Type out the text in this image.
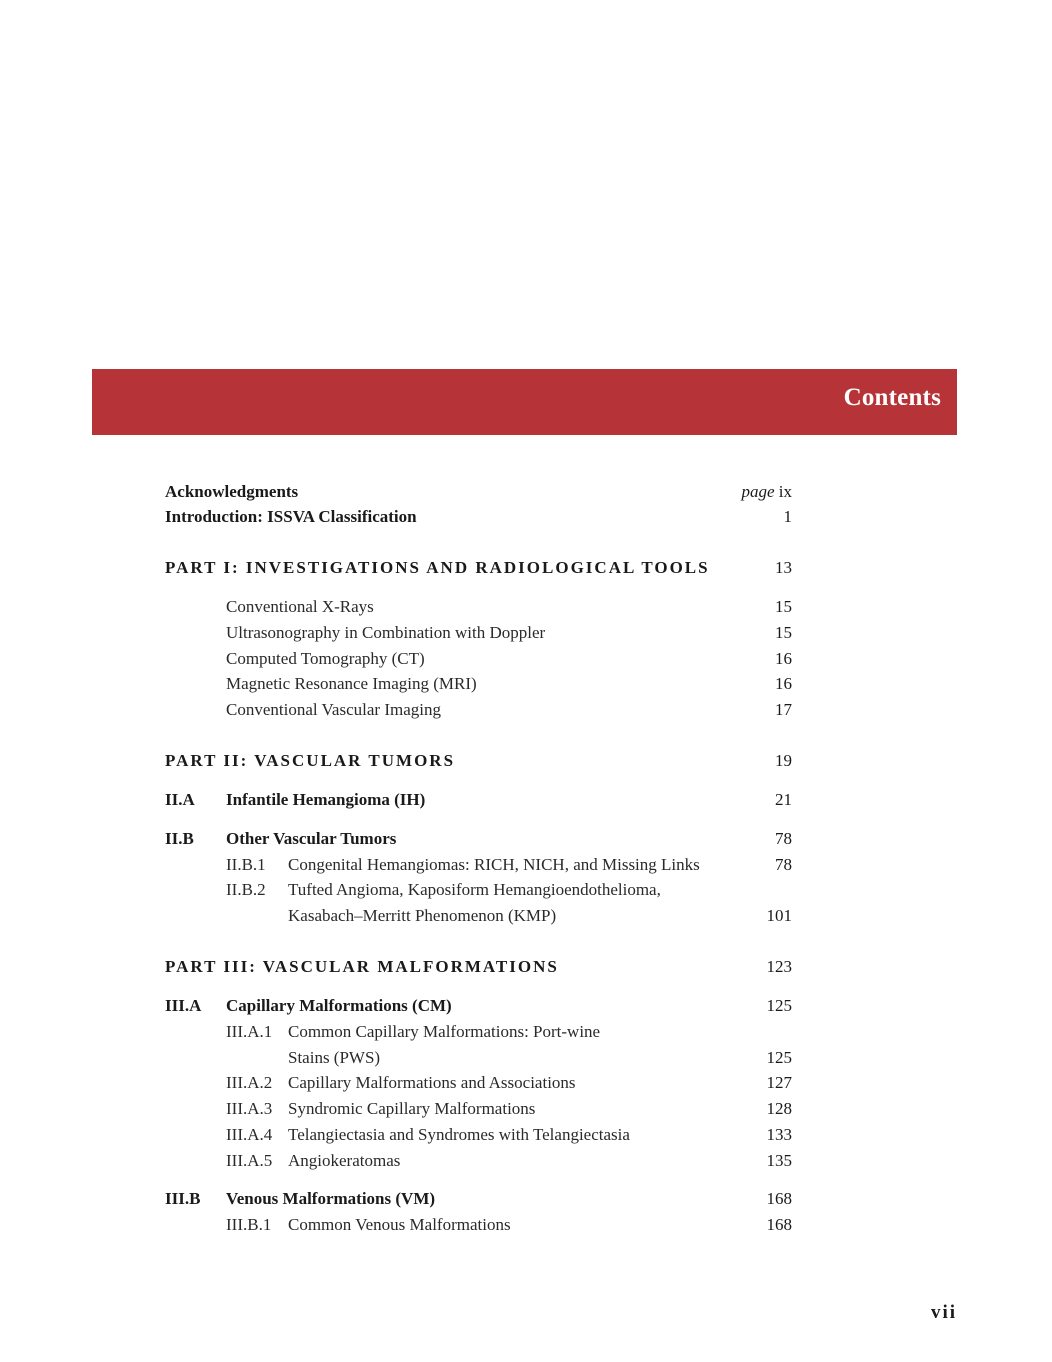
Contents
Acknowledgments	page ix
Introduction: ISSVA Classification	1
PART I: INVESTIGATIONS AND RADIOLOGICAL TOOLS	13
Conventional X-Rays	15
Ultrasonography in Combination with Doppler	15
Computed Tomography (CT)	16
Magnetic Resonance Imaging (MRI)	16
Conventional Vascular Imaging	17
PART II: VASCULAR TUMORS	19
II.A Infantile Hemangioma (IH)	21
II.B Other Vascular Tumors	78
II.B.1 Congenital Hemangiomas: RICH, NICH, and Missing Links	78
II.B.2 Tufted Angioma, Kaposiform Hemangioendothelioma,
Kasabach–Merritt Phenomenon (KMP)	101
PART III: VASCULAR MALFORMATIONS	123
III.A Capillary Malformations (CM)	125
III.A.1 Common Capillary Malformations: Port-wine
Stains (PWS)	125
III.A.2 Capillary Malformations and Associations	127
III.A.3 Syndromic Capillary Malformations	128
III.A.4 Telangiectasia and Syndromes with Telangiectasia	133
III.A.5 Angiokeratomas	135
III.B Venous Malformations (VM)	168
III.B.1 Common Venous Malformations	168
vii
